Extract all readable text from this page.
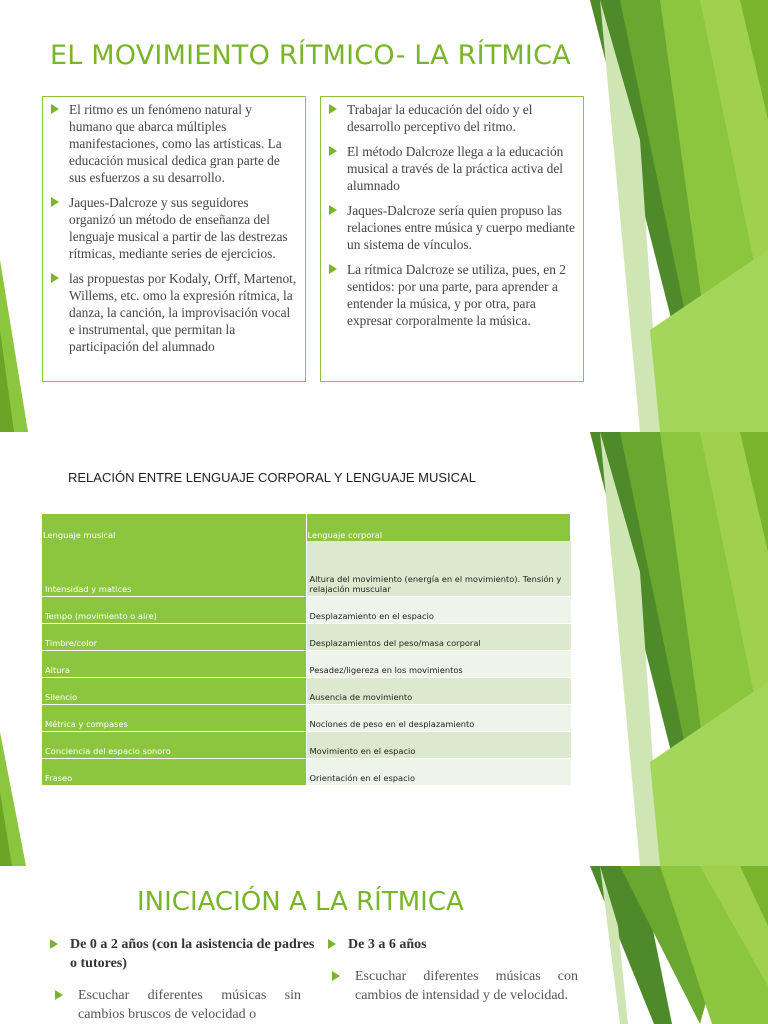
EL MOVIMIENTO RÍTMICO- LA RÍTMICA
El ritmo es un fenómeno natural y humano que abarca múltiples manifestaciones, como las artísticas. La educación musical dedica gran parte de sus esfuerzos a su desarrollo.
Jaques-Dalcroze y sus seguidores organizó un método de enseñanza del lenguaje musical a partir de las destrezas rítmicas, mediante series de ejercicios.
las propuestas por Kodaly, Orff, Martenot, Willems, etc. omo la expresión rítmica, la danza, la canción, la improvisación vocal e instrumental, que permitan la participación del alumnado
Trabajar la educación del oído y el desarrollo perceptivo del ritmo.
El método Dalcroze llega a la educación musical a través de la práctica activa del alumnado
Jaques-Dalcroze sería quien propuso las relaciones entre música y cuerpo mediante un sistema de vínculos.
La rítmica Dalcroze se utiliza, pues, en 2 sentidos: por una parte, para aprender a entender la música, y por otra, para expresar corporalmente la música.
RELACIÓN ENTRE LENGUAJE CORPORAL Y LENGUAJE MUSICAL
Lenguaje musical	Lenguaje corporal
Intensidad y matices	Altura del movimiento (energía en el movimiento). Tensión y relajación muscular
Tempo (movimiento o aire)	Desplazamiento en el espacio
Timbre/color	Desplazamientos del peso/masa corporal
Altura	Pesadez/ligereza en los movimientos
Silencio	Ausencia de movimiento
Métrica y compases	Nociones de peso en el desplazamiento
Conciencia del espacio sonoro	Movimiento en el espacio
Fraseo	Orientación en el espacio
INICIACIÓN A LA RÍTMICA
De 0 a 2 años (con la asistencia de padres o tutores)
Escuchar diferentes músicas sin cambios bruscos de velocidad o
De 3 a 6 años
Escuchar diferentes músicas con cambios de intensidad y de velocidad.
